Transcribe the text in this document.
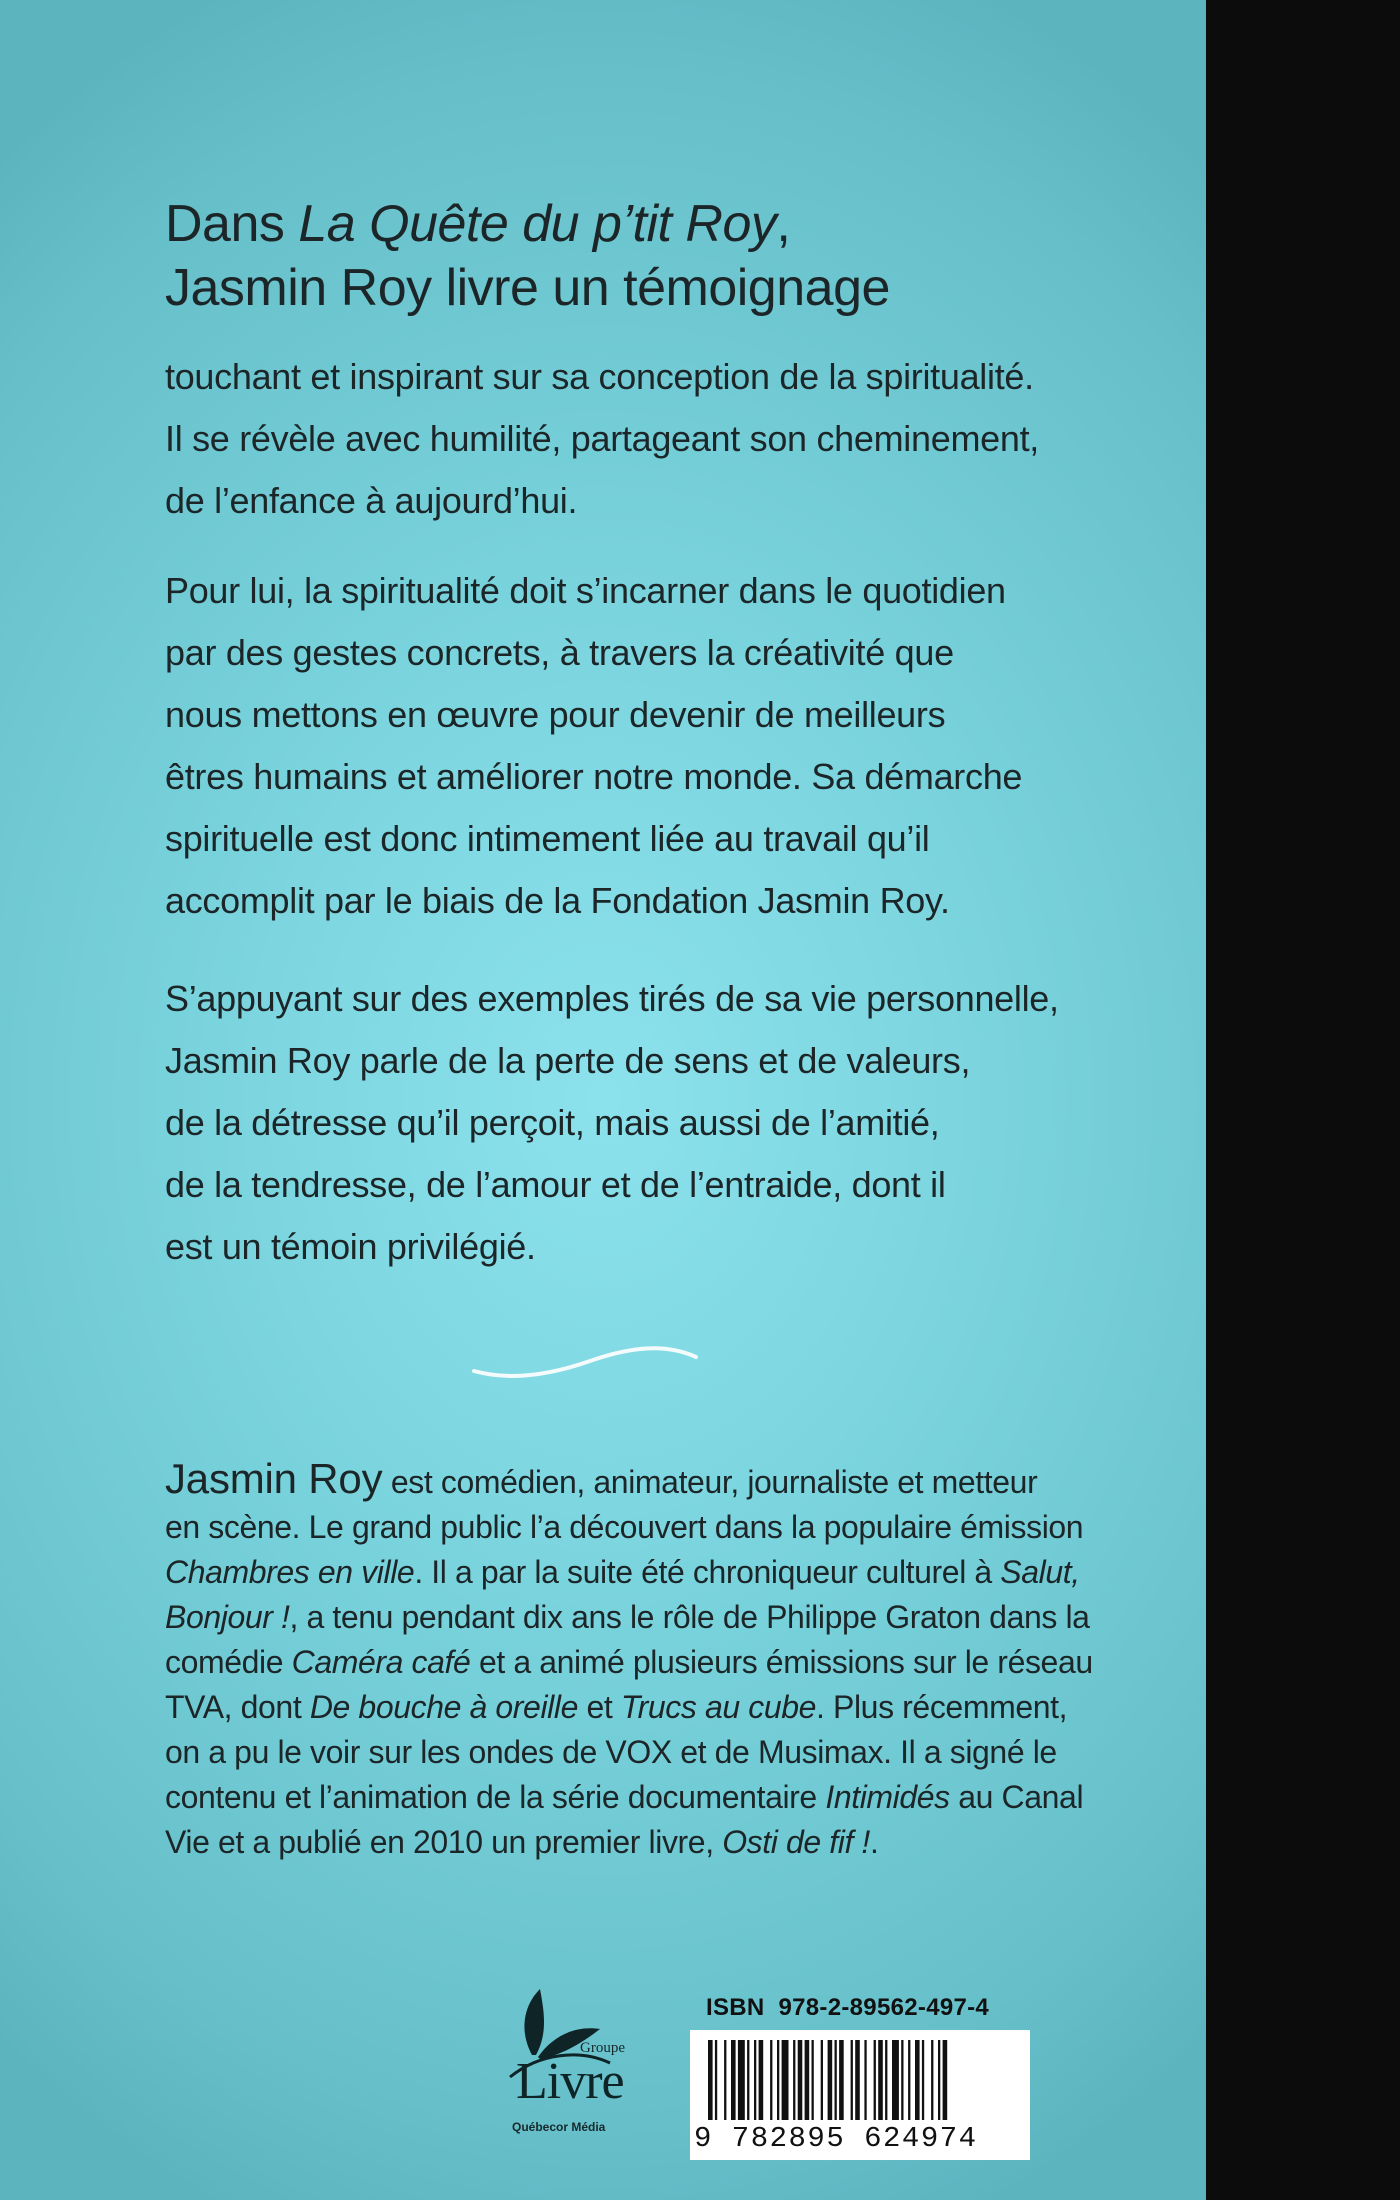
Dans La Quête du p’tit Roy,

Jasmin Roy livre un témoignage

touchant et inspirant sur sa conception de la spiritualité.

Il se révèle avec humilité, partageant son cheminement,

de l’enfance à aujourd’hui.

Pour lui, la spiritualité doit s’incarner dans le quotidien

par des gestes concrets, à travers la créativité que

nous mettons en œuvre pour devenir de meilleurs

êtres humains et améliorer notre monde. Sa démarche

spirituelle est donc intimement liée au travail qu’il

accomplit par le biais de la Fondation Jasmin Roy.

S’appuyant sur des exemples tirés de sa vie personnelle,

Jasmin Roy parle de la perte de sens et de valeurs,

de la détresse qu’il perçoit, mais aussi de l’amitié,

de la tendresse, de l’amour et de l’entraide, dont il

est un témoin privilégié.

Jasmin Roy est comédien, animateur, journaliste et metteur

en scène. Le grand public l’a découvert dans la populaire émission

Chambres en ville. Il a par la suite été chroniqueur culturel à Salut,

Bonjour !, a tenu pendant dix ans le rôle de Philippe Graton dans la

comédie Caméra café et a animé plusieurs émissions sur le réseau

TVA, dont De bouche à oreille et Trucs au cube. Plus récemment,

on a pu le voir sur les ondes de VOX et de Musimax. Il a signé le

contenu et l’animation de la série documentaire Intimidés au Canal

Vie et a publié en 2010 un premier livre, Osti de fif !.

Groupe
Livre
Québecor Média
ISBN 978-2-89562-497-4
9 782895 624974
